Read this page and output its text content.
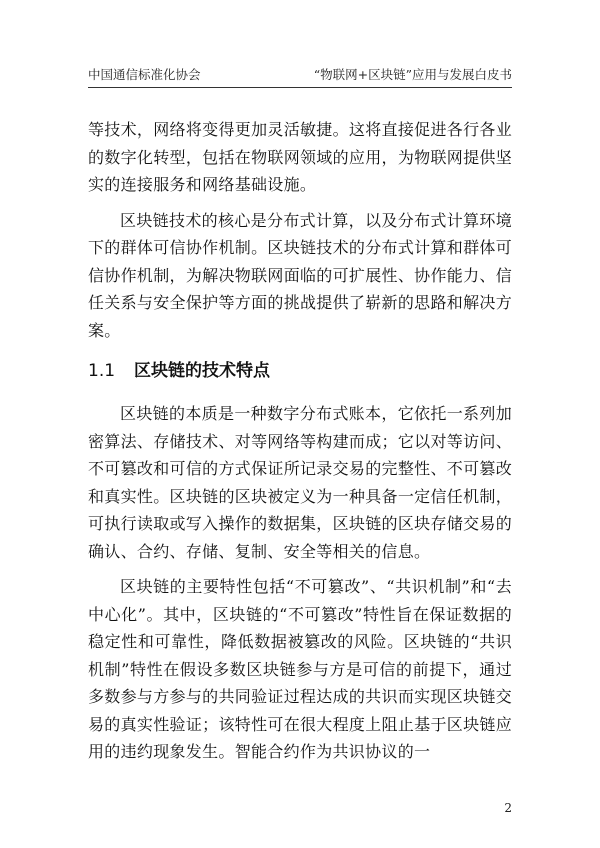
中国通信标准化协会	“物联网+区块链”应用与发展白皮书

等技术，网络将变得更加灵活敏捷。这将直接促进各行各业的数字化转型，包括在物联网领域的应用，为物联网提供坚实的连接服务和网络基础设施。

区块链技术的核心是分布式计算，以及分布式计算环境下的群体可信协作机制。区块链技术的分布式计算和群体可信协作机制，为解决物联网面临的可扩展性、协作能力、信任关系与安全保护等方面的挑战提供了崭新的思路和解决方案。

1.1 区块链的技术特点

区块链的本质是一种数字分布式账本，它依托一系列加密算法、存储技术、对等网络等构建而成；它以对等访问、不可篡改和可信的方式保证所记录交易的完整性、不可篡改和真实性。区块链的区块被定义为一种具备一定信任机制，可执行读取或写入操作的数据集，区块链的区块存储交易的确认、合约、存储、复制、安全等相关的信息。

区块链的主要特性包括“不可篡改”、“共识机制”和“去中心化”。其中，区块链的“不可篡改”特性旨在保证数据的稳定性和可靠性，降低数据被篡改的风险。区块链的“共识机制”特性在假设多数区块链参与方是可信的前提下，通过多数参与方参与的共同验证过程达成的共识而实现区块链交易的真实性验证；该特性可在很大程度上阻止基于区块链应用的违约现象发生。智能合约作为共识协议的一

2
